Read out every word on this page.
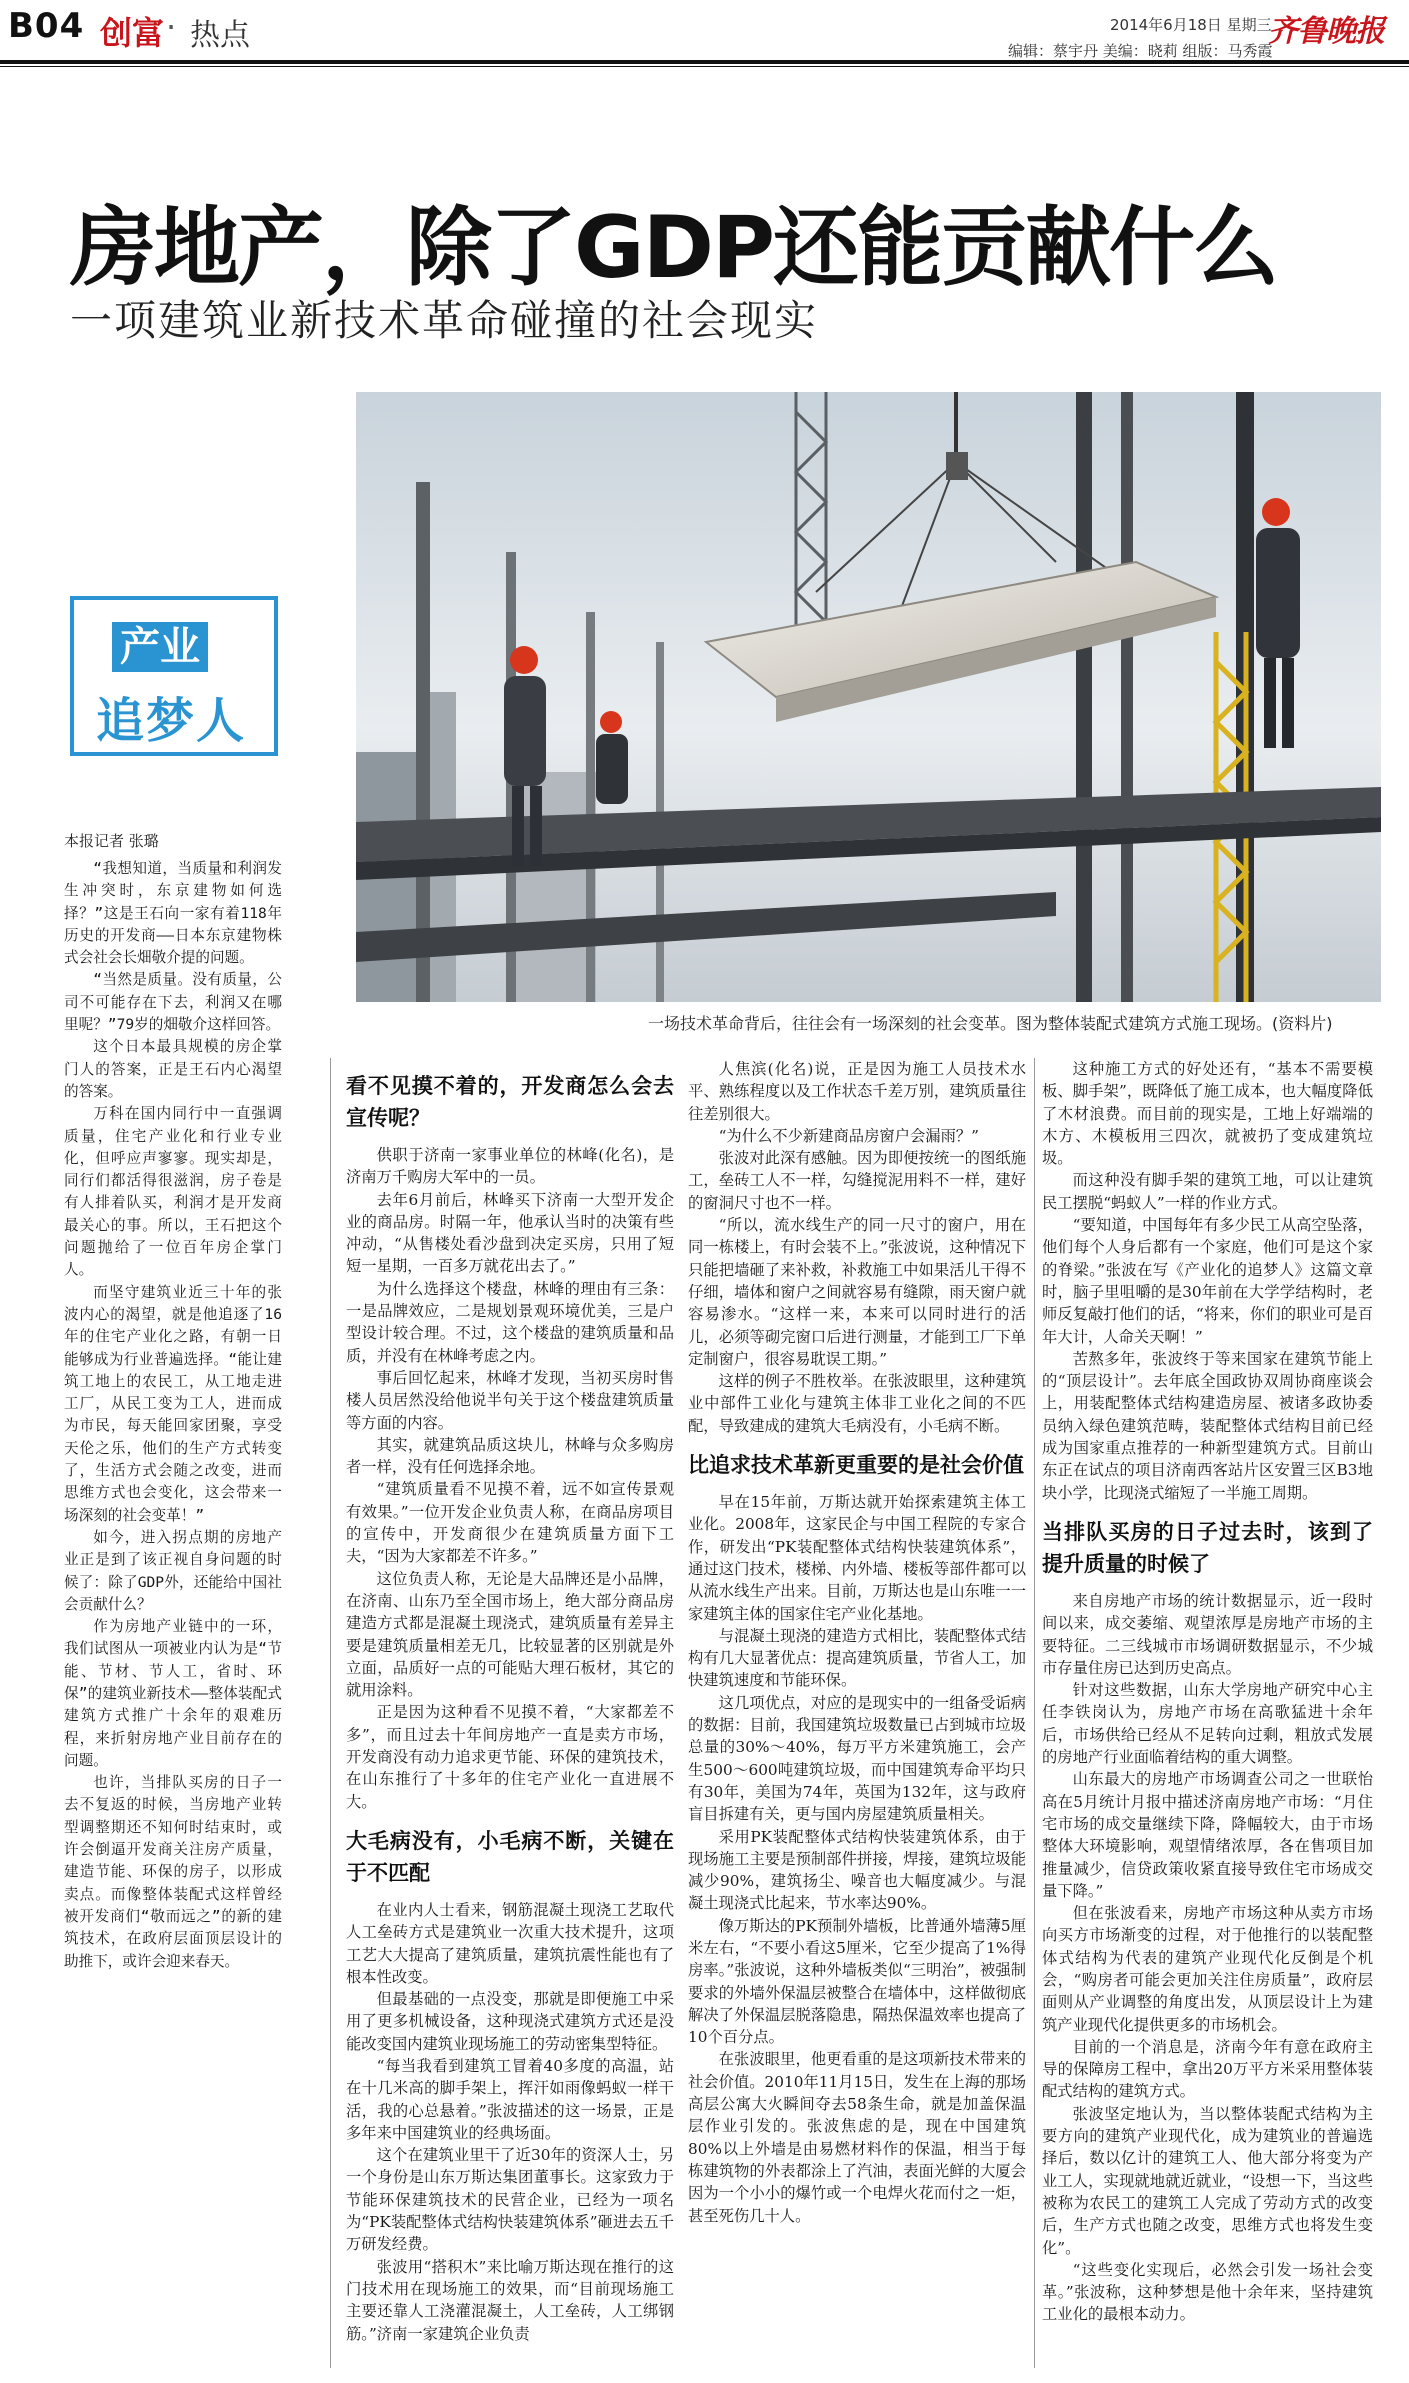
B04 创富 · 热点	2014年6月18日 星期三
齐鲁晚报
编辑：蔡宇丹 美编：晓莉 组版：马秀霞
房地产，除了GDP还能贡献什么
一项建筑业新技术革命碰撞的社会现实
一场技术革命背后，往往会有一场深刻的社会变革。图为整体装配式建筑方式施工现场。(资料片)
产业
追梦人
本报记者 张璐

“我想知道，当质量和利润发生冲突时，东京建物如何选择？”这是王石向一家有着118年历史的开发商——日本东京建物株式会社会长畑敬介提的问题。

“当然是质量。没有质量，公司不可能存在下去，利润又在哪里呢？”79岁的畑敬介这样回答。

这个日本最具规模的房企掌门人的答案，正是王石内心渴望的答案。

万科在国内同行中一直强调质量，住宅产业化和行业专业化，但呼应声寥寥。现实却是，同行们都活得很滋润，房子卷是有人排着队买，利润才是开发商最关心的事。所以，王石把这个问题抛给了一位百年房企掌门人。

而坚守建筑业近三十年的张波内心的渴望，就是他追逐了16年的住宅产业化之路，有朝一日能够成为行业普遍选择。“能让建筑工地上的农民工，从工地走进工厂，从民工变为工人，进而成为市民，每天能回家团聚，享受天伦之乐，他们的生产方式转变了，生活方式会随之改变，进而思维方式也会变化，这会带来一场深刻的社会变革！”

如今，进入拐点期的房地产业正是到了该正视自身问题的时候了：除了GDP外，还能给中国社会贡献什么？

作为房地产业链中的一环，我们试图从一项被业内认为是“节能、节材、节人工，省时、环保”的建筑业新技术——整体装配式建筑方式推广十余年的艰难历程，来折射房地产业目前存在的问题。

也许，当排队买房的日子一去不复返的时候，当房地产业转型调整期还不知何时结束时，或许会倒逼开发商关注房产质量，建造节能、环保的房子，以形成卖点。而像整体装配式这样曾经被开发商们“敬而远之”的新的建筑技术，在政府层面顶层设计的助推下，或许会迎来春天。

看不见摸不着的，开发商怎么会去宣传呢？

供职于济南一家事业单位的林峰(化名)，是济南万千购房大军中的一员。

去年6月前后，林峰买下济南一大型开发企业的商品房。时隔一年，他承认当时的决策有些冲动，“从售楼处看沙盘到决定买房，只用了短短一星期，一百多万就花出去了。”

为什么选择这个楼盘，林峰的理由有三条：一是品牌效应，二是规划景观环境优美，三是户型设计较合理。不过，这个楼盘的建筑质量和品质，并没有在林峰考虑之内。

事后回忆起来，林峰才发现，当初买房时售楼人员居然没给他说半句关于这个楼盘建筑质量等方面的内容。

其实，就建筑品质这块儿，林峰与众多购房者一样，没有任何选择余地。

“建筑质量看不见摸不着，远不如宣传景观有效果。”一位开发企业负责人称，在商品房项目的宣传中，开发商很少在建筑质量方面下工夫，“因为大家都差不许多。”

这位负责人称，无论是大品牌还是小品牌，在济南、山东乃至全国市场上，绝大部分商品房建造方式都是混凝土现浇式，建筑质量有差异主要是建筑质量相差无几，比较显著的区别就是外立面，品质好一点的可能贴大理石板材，其它的就用涂料。

正是因为这种看不见摸不着，“大家都差不多”，而且过去十年间房地产一直是卖方市场，开发商没有动力追求更节能、环保的建筑技术，在山东推行了十多年的住宅产业化一直进展不大。

大毛病没有，小毛病不断，关键在于不匹配

在业内人士看来，钢筋混凝土现浇工艺取代人工垒砖方式是建筑业一次重大技术提升，这项工艺大大提高了建筑质量，建筑抗震性能也有了根本性改变。

但最基础的一点没变，那就是即便施工中采用了更多机械设备，这种现浇式建筑方式还是没能改变国内建筑业现场施工的劳动密集型特征。

“每当我看到建筑工冒着40多度的高温，站在十几米高的脚手架上，挥汗如雨像蚂蚁一样干活，我的心总悬着。”张波描述的这一场景，正是多年来中国建筑业的经典场面。

这个在建筑业里干了近30年的资深人士，另一个身份是山东万斯达集团董事长。这家致力于节能环保建筑技术的民营企业，已经为一项名为“PK装配整体式结构快装建筑体系”砸进去五千万研发经费。

张波用“搭积木”来比喻万斯达现在推行的这门技术用在现场施工的效果，而“目前现场施工主要还靠人工浇灌混凝土，人工垒砖，人工绑钢筋。”济南一家建筑企业负责

人焦滨(化名)说，正是因为施工人员技术水平、熟练程度以及工作状态千差万别，建筑质量往往差别很大。

“为什么不少新建商品房窗户会漏雨？”

张波对此深有感触。因为即便按统一的图纸施工，垒砖工人不一样，勾缝搅泥用料不一样，建好的窗洞尺寸也不一样。

“所以，流水线生产的同一尺寸的窗户，用在同一栋楼上，有时会装不上。”张波说，这种情况下只能把墙砸了来补救，补救施工中如果活儿干得不仔细，墙体和窗户之间就容易有缝隙，雨天窗户就容易渗水。“这样一来，本来可以同时进行的活儿，必须等砌完窗口后进行测量，才能到工厂下单定制窗户，很容易耽误工期。”

这样的例子不胜枚举。在张波眼里，这种建筑业中部件工业化与建筑主体非工业化之间的不匹配，导致建成的建筑大毛病没有，小毛病不断。

比追求技术革新更重要的是社会价值

早在15年前，万斯达就开始探索建筑主体工业化。2008年，这家民企与中国工程院的专家合作，研发出“PK装配整体式结构快装建筑体系”，通过这门技术，楼梯、内外墙、楼板等部件都可以从流水线生产出来。目前，万斯达也是山东唯一一家建筑主体的国家住宅产业化基地。

与混凝土现浇的建造方式相比，装配整体式结构有几大显著优点：提高建筑质量，节省人工，加快建筑速度和节能环保。

这几项优点，对应的是现实中的一组备受诟病的数据：目前，我国建筑垃圾数量已占到城市垃圾总量的30%～40%，每万平方米建筑施工，会产生500～600吨建筑垃圾，而中国建筑寿命平均只有30年，美国为74年，英国为132年，这与政府盲目拆建有关，更与国内房屋建筑质量相关。

采用PK装配整体式结构快装建筑体系，由于现场施工主要是预制部件拼接，焊接，建筑垃圾能减少90%，建筑扬尘、噪音也大幅度减少。与混凝土现浇式比起来，节水率达90%。

像万斯达的PK预制外墙板，比普通外墙薄5厘米左右，“不要小看这5厘米，它至少提高了1%得房率。”张波说，这种外墙板类似“三明治”，被强制要求的外墙外保温层被整合在墙体中，这样做彻底解决了外保温层脱落隐患，隔热保温效率也提高了10个百分点。

在张波眼里，他更看重的是这项新技术带来的社会价值。2010年11月15日，发生在上海的那场高层公寓大火瞬间夺去58条生命，就是加盖保温层作业引发的。张波焦虑的是，现在中国建筑80%以上外墙是由易燃材料作的保温，相当于每栋建筑物的外表都涂上了汽油，表面光鲜的大厦会因为一个小小的爆竹或一个电焊火花而付之一炬，甚至死伤几十人。

这种施工方式的好处还有，“基本不需要模板、脚手架”，既降低了施工成本，也大幅度降低了木材浪费。而目前的现实是，工地上好端端的木方、木模板用三四次，就被扔了变成建筑垃圾。

而这种没有脚手架的建筑工地，可以让建筑民工摆脱“蚂蚁人”一样的作业方式。

“要知道，中国每年有多少民工从高空坠落，他们每个人身后都有一个家庭，他们可是这个家的脊梁。”张波在写《产业化的追梦人》这篇文章时，脑子里咀嚼的是30年前在大学学结构时，老师反复敲打他们的话，“将来，你们的职业可是百年大计，人命关天啊！”

苦熬多年，张波终于等来国家在建筑节能上的“顶层设计”。去年底全国政协双周协商座谈会上，用装配整体式结构建造房屋、被诸多政协委员纳入绿色建筑范畴，装配整体式结构目前已经成为国家重点推荐的一种新型建筑方式。目前山东正在试点的项目济南西客站片区安置三区B3地块小学，比现浇式缩短了一半施工周期。

当排队买房的日子过去时，该到了提升质量的时候了

来自房地产市场的统计数据显示，近一段时间以来，成交萎缩、观望浓厚是房地产市场的主要特征。二三线城市市场调研数据显示，不少城市存量住房已达到历史高点。

针对这些数据，山东大学房地产研究中心主任李铁岗认为，房地产市场在高歌猛进十余年后，市场供给已经从不足转向过剩，粗放式发展的房地产行业面临着结构的重大调整。

山东最大的房地产市场调查公司之一世联怡高在5月统计月报中描述济南房地产市场：“月住宅市场的成交量继续下降，降幅较大，由于市场整体大环境影响，观望情绪浓厚，各在售项目加推量减少，信贷政策收紧直接导致住宅市场成交量下降。”

但在张波看来，房地产市场这种从卖方市场向买方市场渐变的过程，对于他推行的以装配整体式结构为代表的建筑产业现代化反倒是个机会，“购房者可能会更加关注住房质量”，政府层面则从产业调整的角度出发，从顶层设计上为建筑产业现代化提供更多的市场机会。

目前的一个消息是，济南今年有意在政府主导的保障房工程中，拿出20万平方米采用整体装配式结构的建筑方式。

张波坚定地认为，当以整体装配式结构为主要方向的建筑产业现代化，成为建筑业的普遍选择后，数以亿计的建筑工人、他大部分将变为产业工人，实现就地就近就业，“设想一下，当这些被称为农民工的建筑工人完成了劳动方式的改变后，生产方式也随之改变，思维方式也将发生变化”。

“这些变化实现后，必然会引发一场社会变革。”张波称，这种梦想是他十余年来，坚持建筑工业化的最根本动力。
